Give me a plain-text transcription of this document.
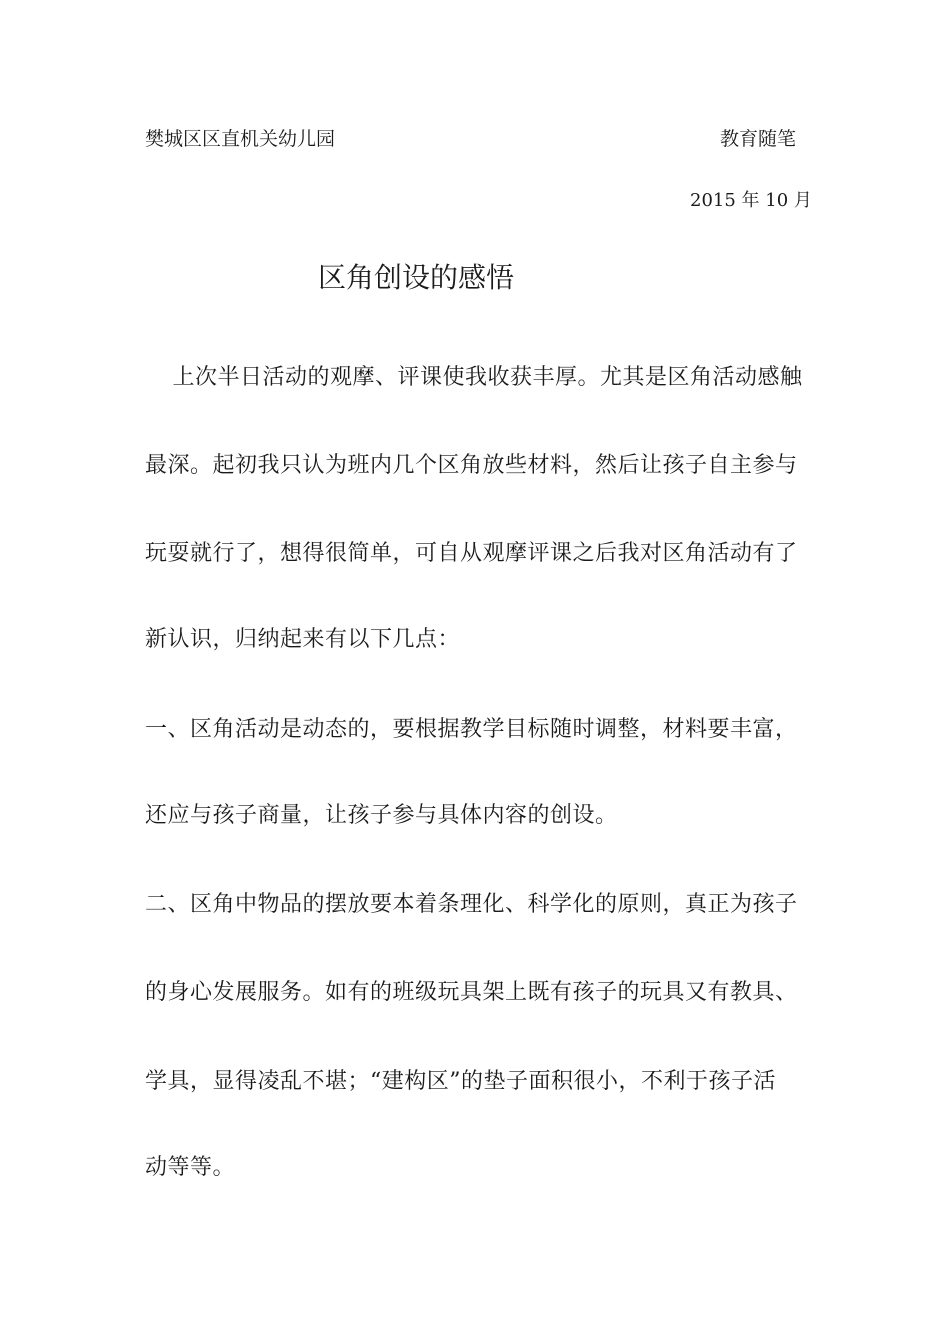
樊城区区直机关幼儿园	教育随笔
2015 年 10 月
区角创设的感悟
　上次半日活动的观摩、评课使我收获丰厚。尤其是区角活动感触
最深。起初我只认为班内几个区角放些材料，然后让孩子自主参与
玩耍就行了，想得很简单，可自从观摩评课之后我对区角活动有了
新认识，归纳起来有以下几点：
一、区角活动是动态的，要根据教学目标随时调整，材料要丰富，
还应与孩子商量，让孩子参与具体内容的创设。
二、区角中物品的摆放要本着条理化、科学化的原则，真正为孩子
的身心发展服务。如有的班级玩具架上既有孩子的玩具又有教具、
学具，显得凌乱不堪；“建构区”的垫子面积很小，不利于孩子活
动等等。
